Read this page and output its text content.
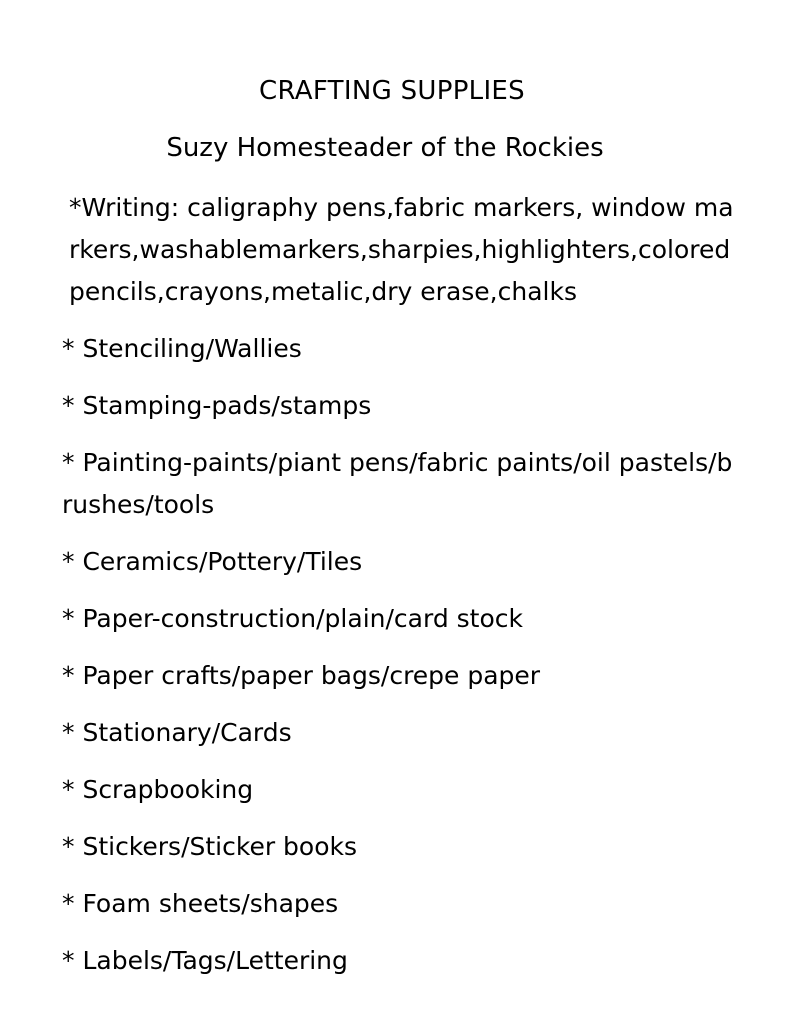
CRAFTING SUPPLIES
Suzy Homesteader of the Rockies
*Writing: caligraphy pens,fabric markers, window markers,washablemarkers,sharpies,highlighters,colored pencils,crayons,metalic,dry erase,chalks
* Stenciling/Wallies
* Stamping-pads/stamps
* Painting-paints/piant pens/fabric paints/oil pastels/brushes/tools
* Ceramics/Pottery/Tiles
* Paper-construction/plain/card stock
* Paper crafts/paper bags/crepe paper
* Stationary/Cards
* Scrapbooking
* Stickers/Sticker books
* Foam sheets/shapes
* Labels/Tags/Lettering
